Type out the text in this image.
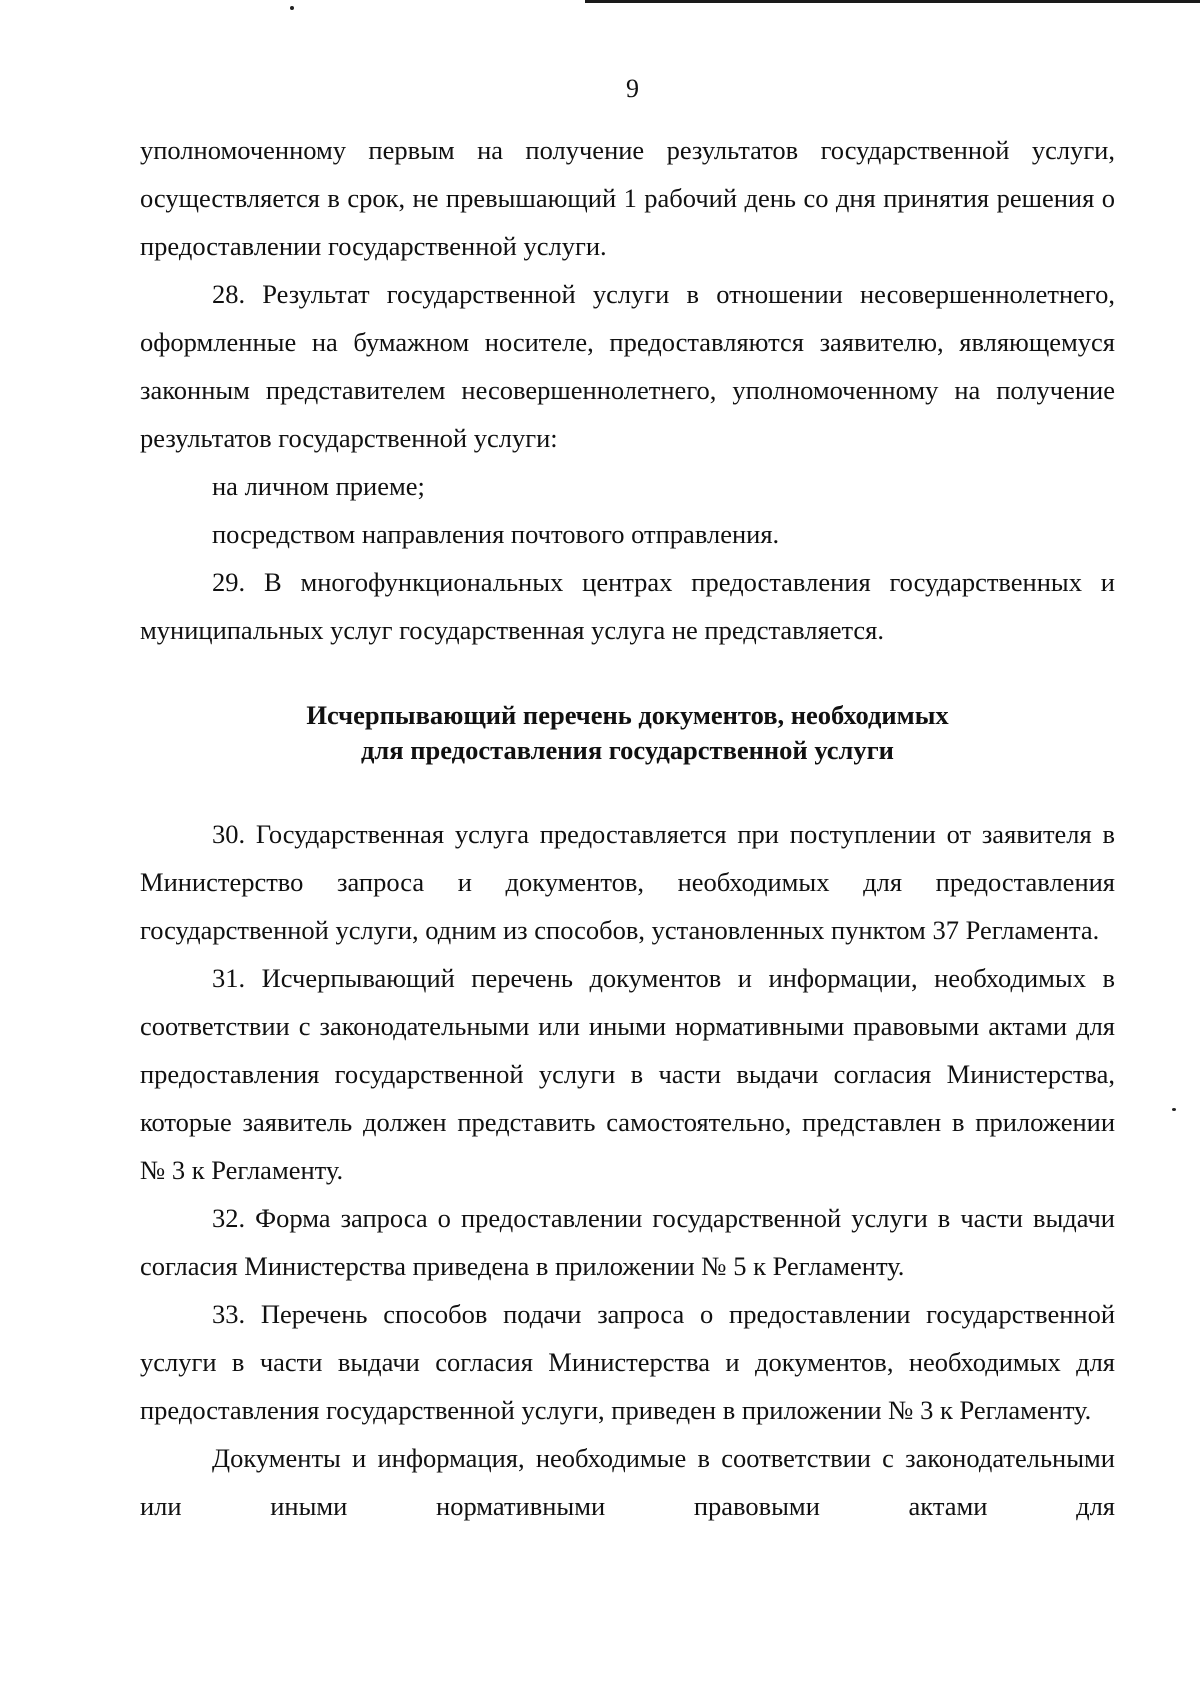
9

уполномоченному первым на получение результатов государственной услуги, осуществляется в срок, не превышающий 1 рабочий день со дня принятия решения о предоставлении государственной услуги.

28. Результат государственной услуги в отношении несовершеннолетнего, оформленные на бумажном носителе, предоставляются заявителю, являющемуся законным представителем несовершеннолетнего, уполномоченному на получение результатов государственной услуги:

на личном приеме;

посредством направления почтового отправления.

29. В многофункциональных центрах предоставления государственных и муниципальных услуг государственная услуга не представляется.

Исчерпывающий перечень документов, необходимых
для предоставления государственной услуги

30. Государственная услуга предоставляется при поступлении от заявителя в Министерство запроса и документов, необходимых для предоставления государственной услуги, одним из способов, установленных пунктом 37 Регламента.

31. Исчерпывающий перечень документов и информации, необходимых в соответствии с законодательными или иными нормативными правовыми актами для предоставления государственной услуги в части выдачи согласия Министерства, которые заявитель должен представить самостоятельно, представлен в приложении № 3 к Регламенту.

32. Форма запроса о предоставлении государственной услуги в части выдачи согласия Министерства приведена в приложении № 5 к Регламенту.

33. Перечень способов подачи запроса о предоставлении государственной услуги в части выдачи согласия Министерства и документов, необходимых для предоставления государственной услуги, приведен в приложении № 3 к Регламенту.

Документы и информация, необходимые в соответствии с законодательными или иными нормативными правовыми актами для
